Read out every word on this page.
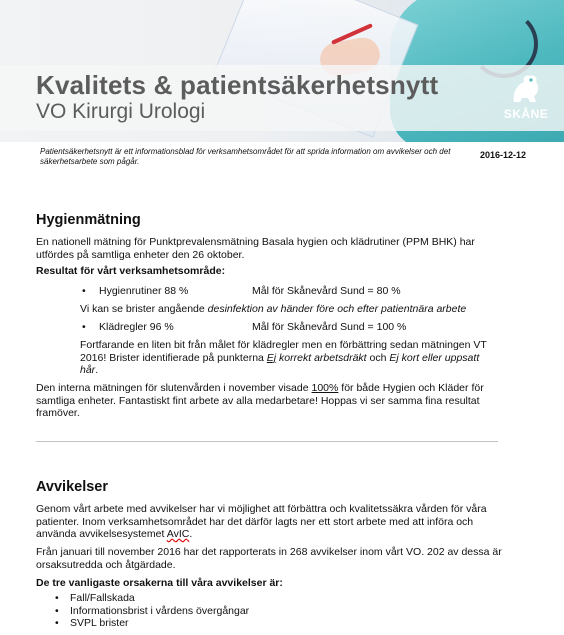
Kvalitets & patientsäkerhetsnytt
VO Kirurgi Urologi	SKÅNE
Patientsäkerhetsnytt är ett informationsblad för verksamhetsområdet för att sprida information om avvikelser och det säkerhetsarbete som pågår.
2016-12-12
Hygienmätning

En nationell mätning för Punktprevalensmätning Basala hygien och klädrutiner (PPM BHK) har utfördes på samtliga enheter den 26 oktober.

Resultat för vårt verksamhetsområde:
• Hygienrutiner 88 %	Mål för Skånevård Sund = 80 %
Vi kan se brister angående desinfektion av händer före och efter patientnära arbete
• Klädregler 96 %	Mål för Skånevård Sund = 100 %
Fortfarande en liten bit från målet för klädregler men en förbättring sedan mätningen VT 2016! Brister identifierade på punkterna Ej korrekt arbetsdräkt och Ej kort eller uppsatt hår.
Den interna mätningen för slutenvården i november visade 100% för både Hygien och Kläder för samtliga enheter. Fantastiskt fint arbete av alla medarbetare! Hoppas vi ser samma fina resultat framöver.
Avvikelser
Genom vårt arbete med avvikelser har vi möjlighet att förbättra och kvalitetssäkra vården för våra patienter. Inom verksamhetsområdet har det därför lagts ner ett stort arbete med att införa och använda avvikelsesystemet AvIC.

Från januari till november 2016 har det rapporterats in 268 avvikelser inom vårt VO. 202 av dessa är orsaksutredda och åtgärdade.

De tre vanligaste orsakerna till våra avvikelser är:
• Fall/Fallskada
• Informationsbrist i vårdens övergångar
• SVPL brister
